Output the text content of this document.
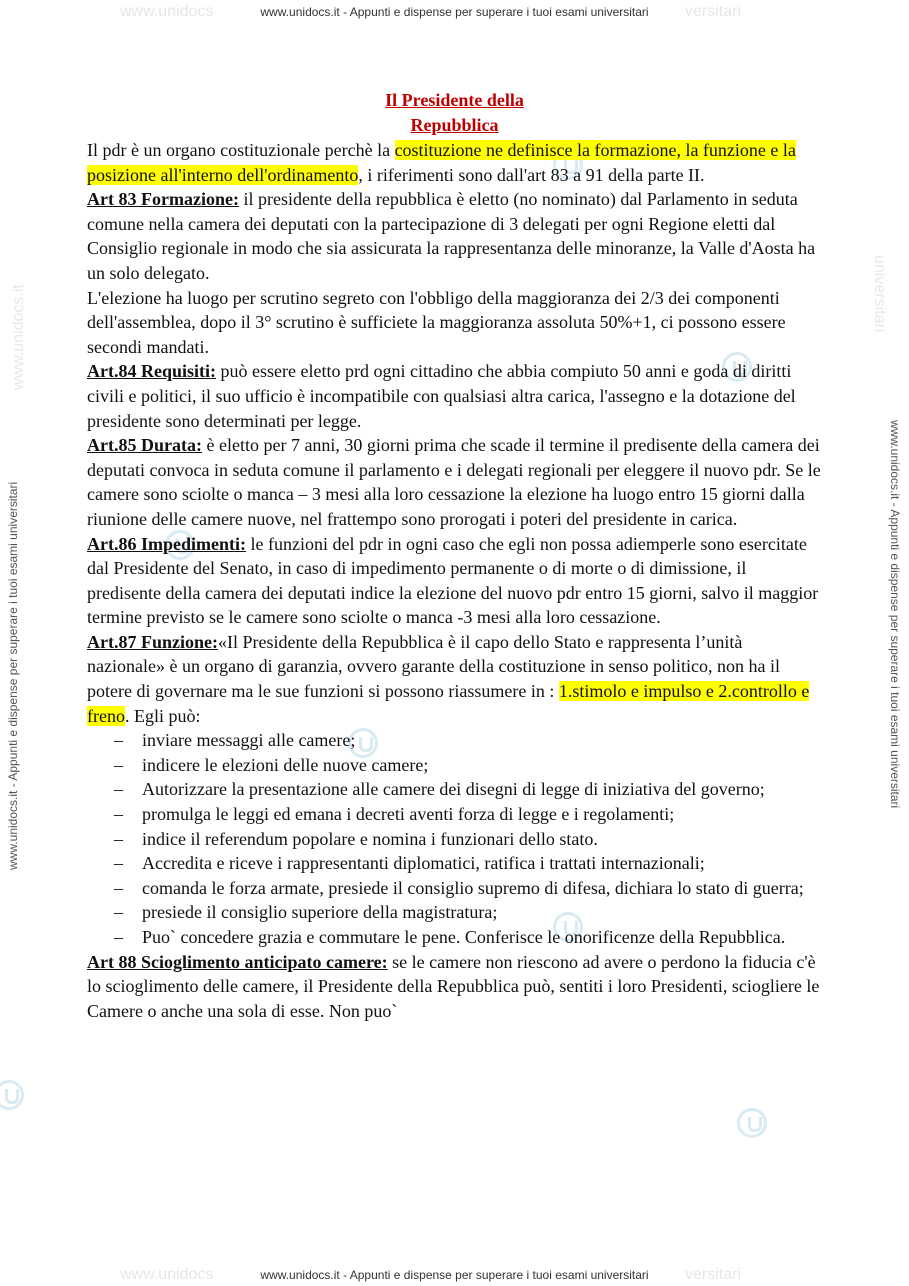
www.unidocs	www.unidocs.it - Appunti e dispense per superare i tuoi esami universitari versitari
www.unidocs	www.unidocs.it - Appunti e dispense per superare i tuoi esami universitari versitari
www.unidocs.it - Appunti e dispense per superare i tuoi esami universitari	www.unidocs.it - Appunti e dispense per superare i tuoi esami universitari
www.unidocs.it	universitari
Il Presidente della
Repubblica

Il pdr è un organo costituzionale perchè la costituzione ne definisce la formazione, la funzione e la posizione all'interno dell'ordinamento, i riferimenti sono dall'art 83 a 91 della parte II.

Art 83 Formazione: il presidente della repubblica è eletto (no nominato) dal Parlamento in seduta comune nella camera dei deputati con la partecipazione di 3 delegati per ogni Regione eletti dal Consiglio regionale in modo che sia assicurata la rappresentanza delle minoranze, la Valle d'Aosta ha un solo delegato.

L'elezione ha luogo per scrutino segreto con l'obbligo della maggioranza dei 2/3 dei componenti dell'assemblea, dopo il 3° scrutino è sufficiete la maggioranza assoluta 50%+1, ci possono essere secondi mandati.

Art.84 Requisiti: può essere eletto prd ogni cittadino che abbia compiuto 50 anni e goda di diritti civili e politici, il suo ufficio è incompatibile con qualsiasi altra carica, l'assegno e la dotazione del presidente sono determinati per legge.

Art.85 Durata: è eletto per 7 anni, 30 giorni prima che scade il termine il predisente della camera dei deputati convoca in seduta comune il parlamento e i delegati regionali per eleggere il nuovo pdr. Se le camere sono sciolte o manca – 3 mesi alla loro cessazione la elezione ha luogo entro 15 giorni dalla riunione delle camere nuove, nel frattempo sono prorogati i poteri del presidente in carica.

Art.86 Impedimenti: le funzioni del pdr in ogni caso che egli non possa adiemperle sono esercitate dal Presidente del Senato, in caso di impedimento permanente o di morte o di dimissione, il predisente della camera dei deputati indice la elezione del nuovo pdr entro 15 giorni, salvo il maggior termine previsto se le camere sono sciolte o manca -3 mesi alla loro cessazione.

Art.87 Funzione:«Il Presidente della Repubblica è il capo dello Stato e rappresenta l’unità nazionale» è un organo di garanzia, ovvero garante della costituzione in senso politico, non ha il potere di governare ma le sue funzioni si possono riassumere in : 1.stimolo e impulso e 2.controllo e freno. Egli può:

– inviare messaggi alle camere;
– indicere le elezioni delle nuove camere;
– Autorizzare la presentazione alle camere dei disegni di legge di iniziativa del governo;
– promulga le leggi ed emana i decreti aventi forza di legge e i regolamenti;
– indice il referendum popolare e nomina i funzionari dello stato.
– Accredita e riceve i rappresentanti diplomatici, ratifica i trattati internazionali;
– comanda le forza armate, presiede il consiglio supremo di difesa, dichiara lo stato di guerra;
– presiede il consiglio superiore della magistratura;
– Puo` concedere grazia e commutare le pene. Conferisce le onorificenze della Repubblica.

Art 88 Scioglimento anticipato camere: se le camere non riescono ad avere o perdono la fiducia c'è lo scioglimento delle camere, il Presidente della Repubblica può, sentiti i loro Presidenti, sciogliere le Camere o anche una sola di esse. Non puo`
